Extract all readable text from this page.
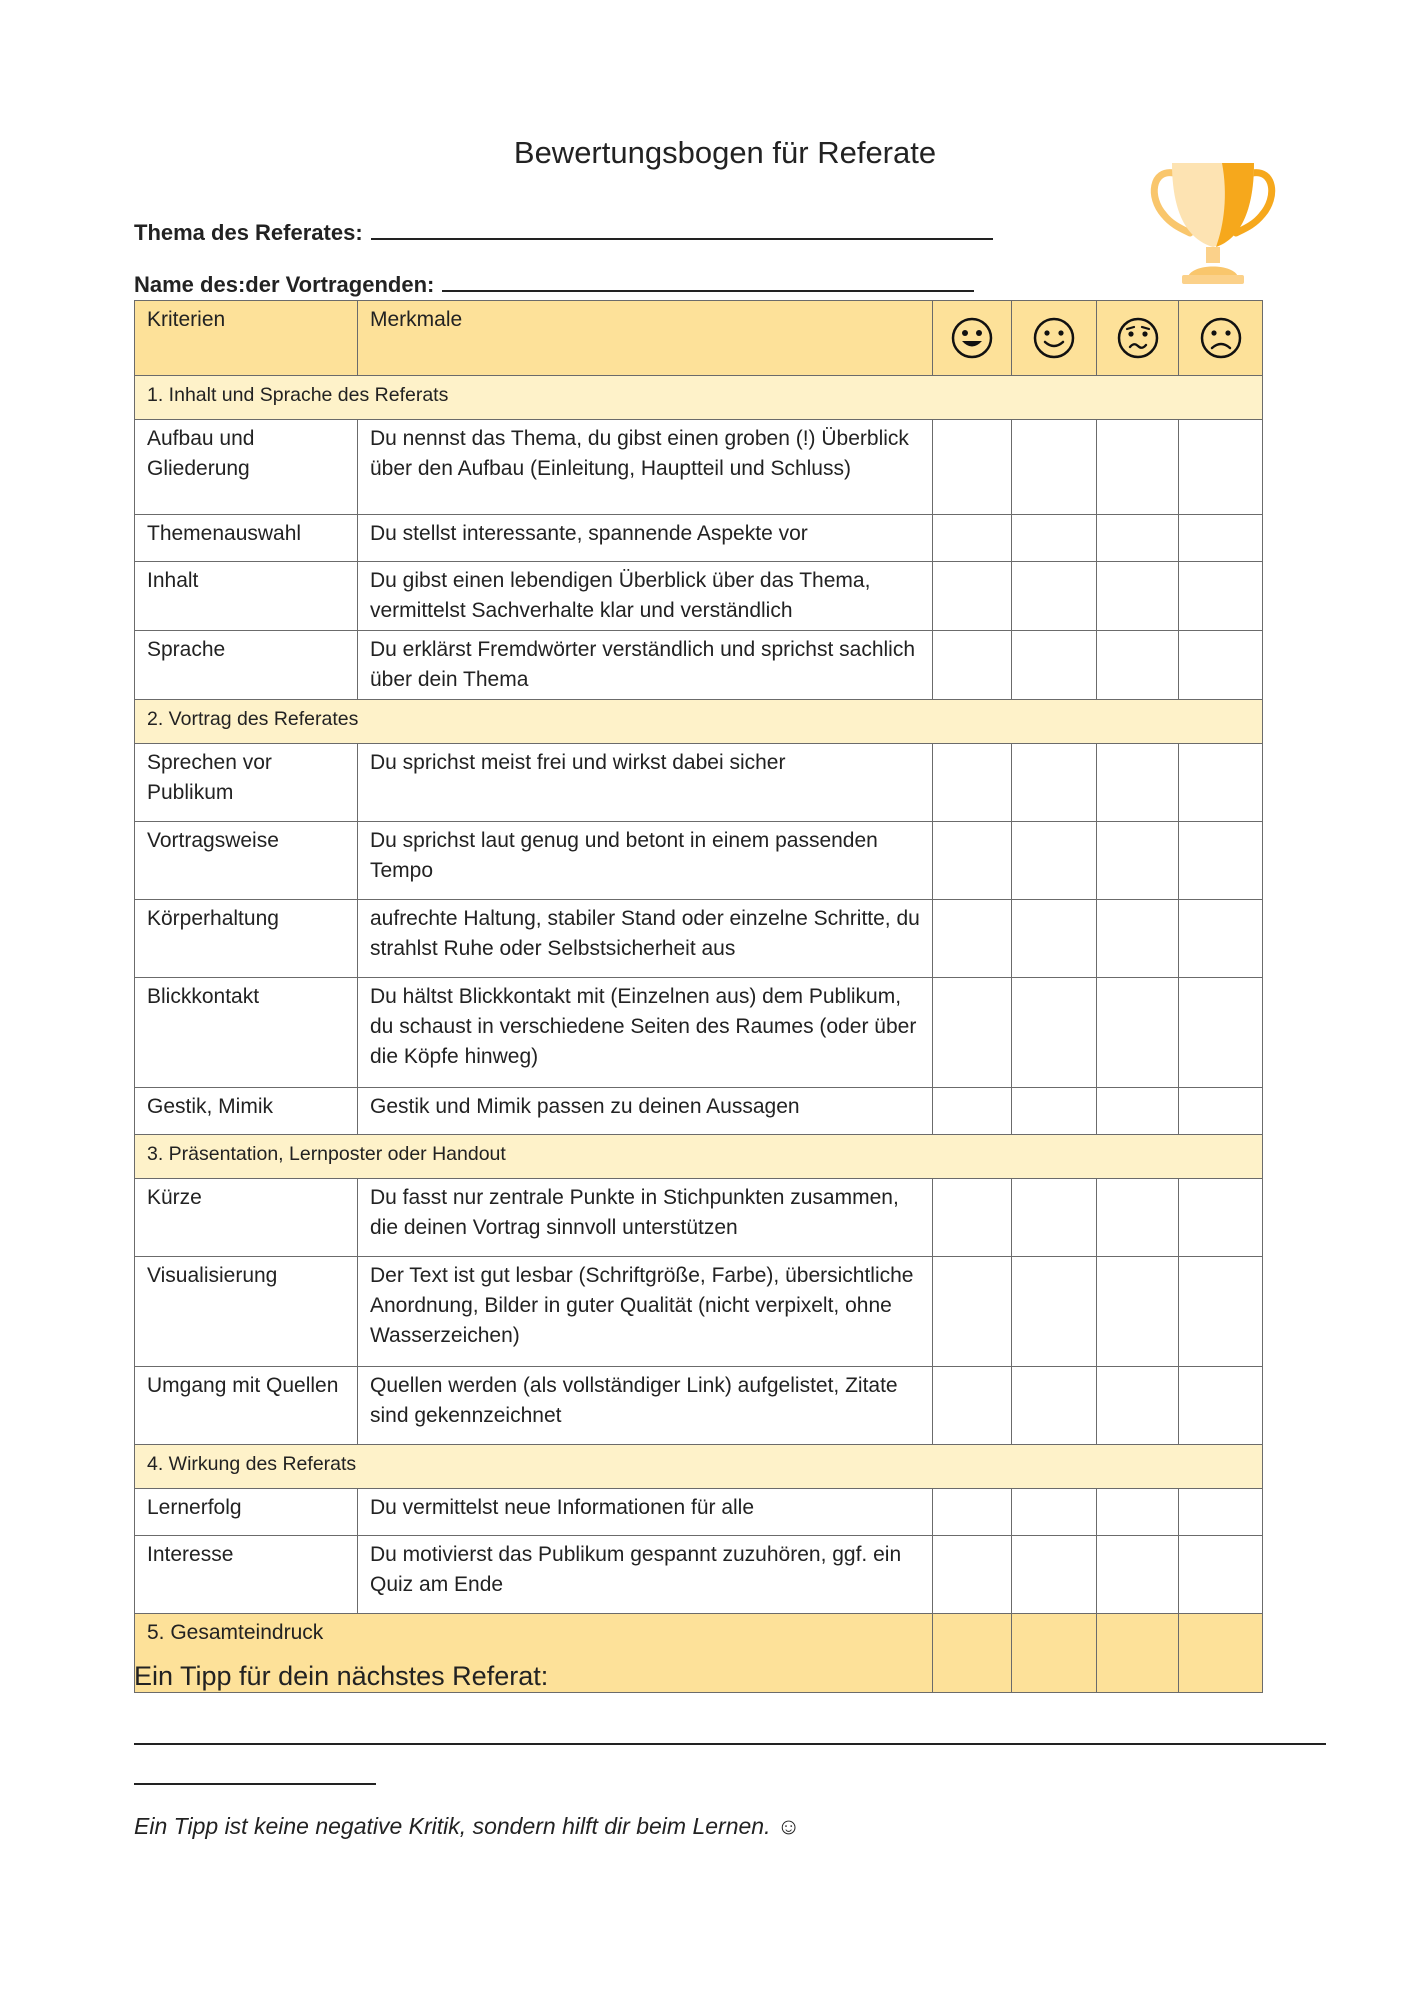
Bewertungsbogen für Referate
Thema des Referates:
Name des:der Vortragenden:
Kriterien	Merkmale	

1. Inhalt und Sprache des Referats					
Aufbau und Gliederung	Du nennst das Thema, du gibst einen groben (!) Überblick über den Aufbau (Einleitung, Hauptteil und Schluss)				
Themenauswahl	Du stellst interessante, spannende Aspekte vor				
Inhalt	Du gibst einen lebendigen Überblick über das Thema, vermittelst Sachverhalte klar und verständlich				
Sprache	Du erklärst Fremdwörter verständlich und sprichst sachlich über dein Thema				
2. Vortrag des Referates					
Sprechen vor Publikum	Du sprichst meist frei und wirkst dabei sicher				
Vortragsweise	Du sprichst laut genug und betont in einem passenden Tempo				
Körperhaltung	aufrechte Haltung, stabiler Stand oder einzelne Schritte, du strahlst Ruhe oder Selbstsicherheit aus				
Blickkontakt	Du hältst Blickkontakt mit (Einzelnen aus) dem Publikum, du schaust in verschiedene Seiten des Raumes (oder über die Köpfe hinweg)				
Gestik, Mimik	Gestik und Mimik passen zu deinen Aussagen				
3. Präsentation, Lernposter oder Handout					
Kürze	Du fasst nur zentrale Punkte in Stichpunkten zusammen, die deinen Vortrag sinnvoll unterstützen				
Visualisierung	Der Text ist gut lesbar (Schriftgröße, Farbe), übersichtliche Anordnung, Bilder in guter Qualität (nicht verpixelt, ohne Wasserzeichen)				
Umgang mit Quellen	Quellen werden (als vollständiger Link) aufgelistet, Zitate sind gekennzeichnet				
4. Wirkung des Referats					
Lernerfolg	Du vermittelst neue Informationen für alle				
Interesse	Du motivierst das Publikum gespannt zuzuhören, ggf. ein Quiz am Ende				
5. Gesamteindruck					
Ein Tipp für dein nächstes Referat:
Ein Tipp ist keine negative Kritik, sondern hilft dir beim Lernen. ☺
